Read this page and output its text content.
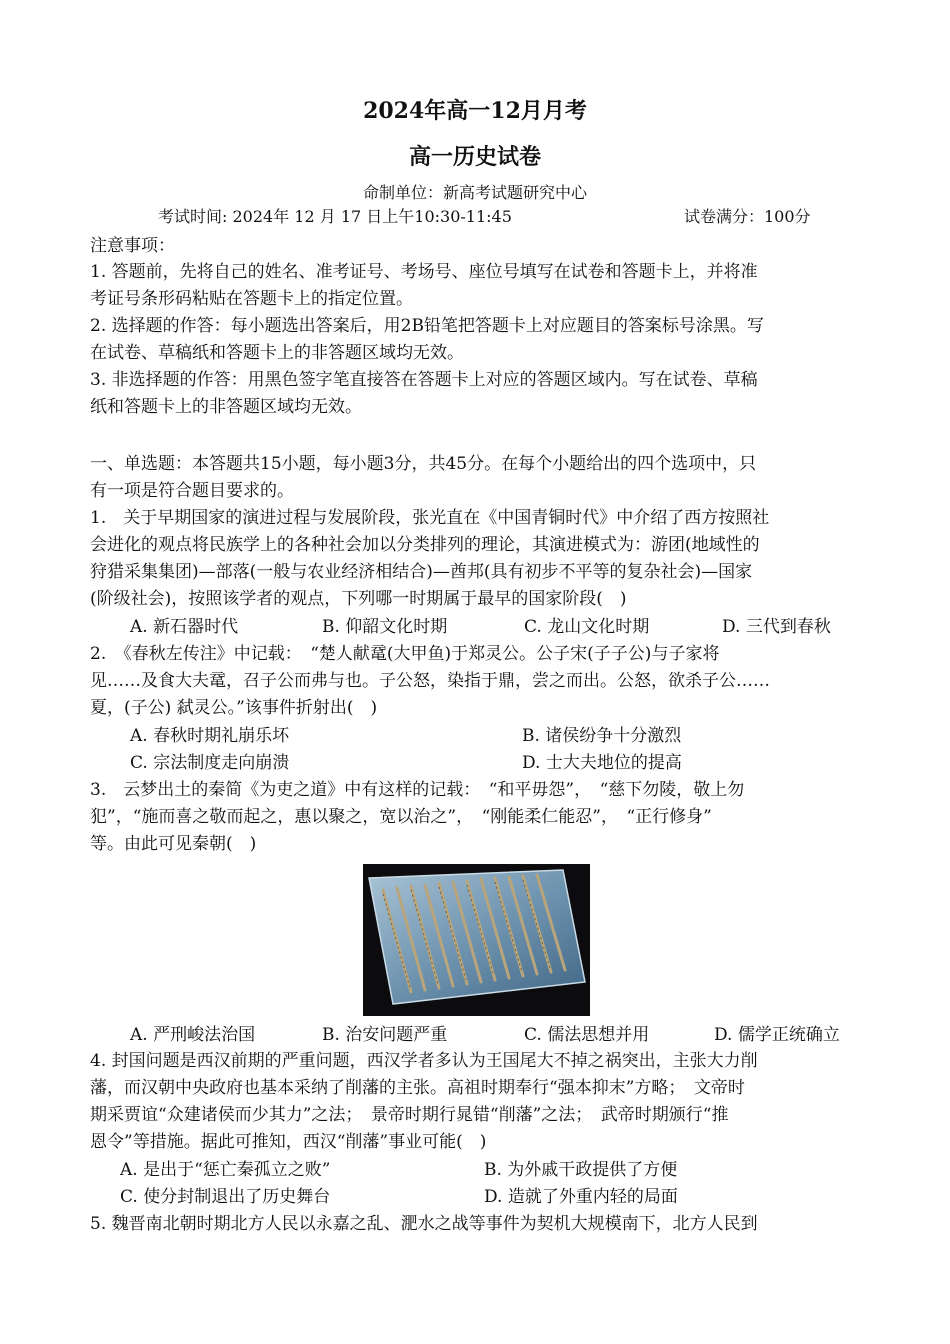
2024年高一12月月考
高一历史试卷
命制单位：新高考试题研究中心
考试时间: 2024年 12 月 17 日上午10:30-11:45	试卷满分：100分
注意事项：
1. 答题前，先将自己的姓名、准考证号、考场号、座位号填写在试卷和答题卡上，并将准
考证号条形码粘贴在答题卡上的指定位置。
2. 选择题的作答：每小题选出答案后，用2B铅笔把答题卡上对应题目的答案标号涂黑。写
在试卷、草稿纸和答题卡上的非答题区域均无效。
3. 非选择题的作答：用黑色签字笔直接答在答题卡上对应的答题区域内。写在试卷、草稿
纸和答题卡上的非答题区域均无效。
一、单选题：本答题共15小题，每小题3分，共45分。在每个小题给出的四个选项中，只
有一项是符合题目要求的。
1.　关于早期国家的演进过程与发展阶段，张光直在《中国青铜时代》中介绍了西方按照社
会进化的观点将民族学上的各种社会加以分类排列的理论，其演进模式为：游团(地域性的
狩猎采集集团)—部落(一般与农业经济相结合)—酋邦(具有初步不平等的复杂社会)—国家
(阶级社会)，按照该学者的观点，下列哪一时期属于最早的国家阶段(　)
A. 新石器时代	B. 仰韶文化时期	C. 龙山文化时期	D. 三代到春秋
2.　《春秋左传注》中记载：　“楚人献鼋(大甲鱼)于郑灵公。公子宋(子子公)与子家将
见……及食大夫鼋，召子公而弗与也。子公怒，染指于鼎，尝之而出。公怒，欲杀子公……
夏，(子公) 弑灵公。”该事件折射出(　)
A. 春秋时期礼崩乐坏	B. 诸侯纷争十分激烈
C. 宗法制度走向崩溃	D. 士大夫地位的提高
3.　云梦出土的秦简《为吏之道》中有这样的记载：　“和平毋怨”，　“慈下勿陵，敬上勿
犯”，“施而喜之敬而起之，惠以聚之，宽以治之”，　“刚能柔仁能忍”，　“正行修身”
等。由此可见秦朝(　)
A. 严刑峻法治国	B. 治安问题严重	C. 儒法思想并用	D. 儒学正统确立
4. 封国问题是西汉前期的严重问题，西汉学者多认为王国尾大不掉之祸突出，主张大力削
藩，而汉朝中央政府也基本采纳了削藩的主张。高祖时期奉行“强本抑末”方略；　文帝时
期采贾谊“众建诸侯而少其力”之法；　景帝时期行晁错“削藩”之法；　武帝时期颁行“推
恩令”等措施。据此可推知，西汉“削藩”事业可能(　)
A. 是出于“惩亡秦孤立之败”	B. 为外戚干政提供了方便
C. 使分封制退出了历史舞台	D. 造就了外重内轻的局面
5. 魏晋南北朝时期北方人民以永嘉之乱、淝水之战等事件为契机大规模南下，北方人民到
